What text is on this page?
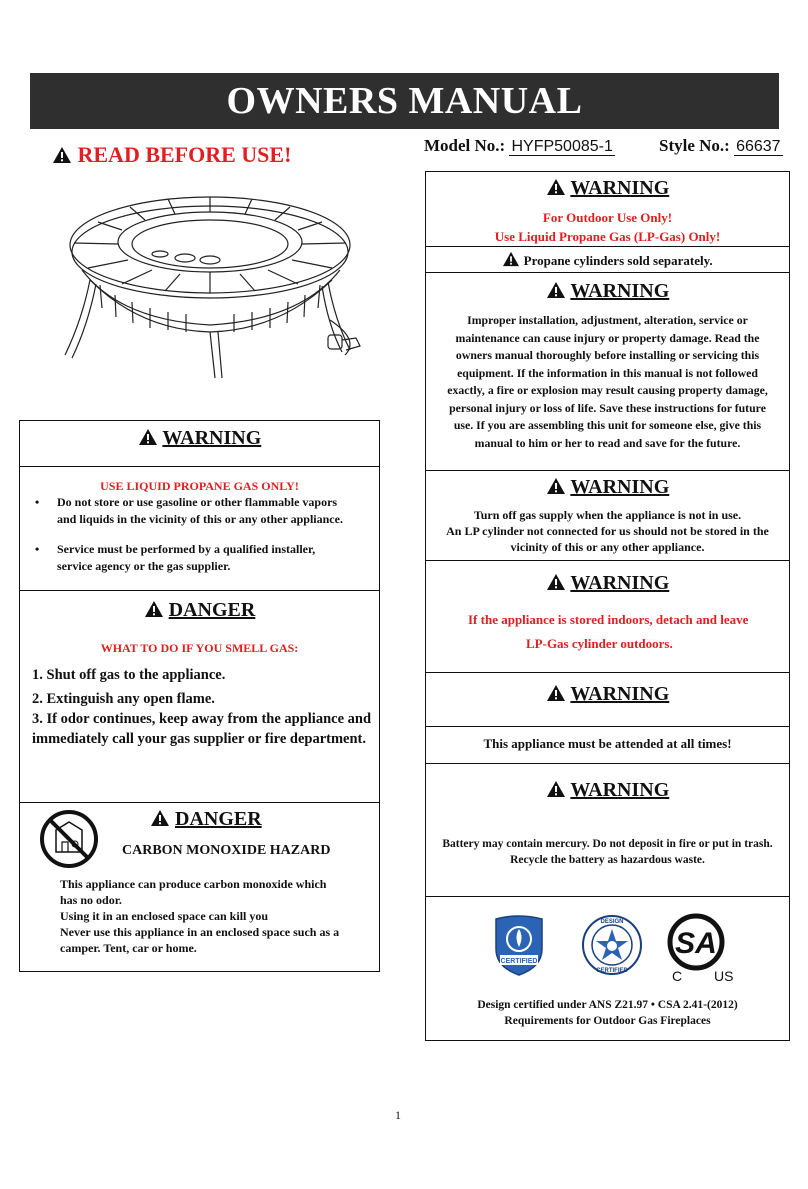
OWNERS MANUAL
READ BEFORE USE!	Model No.: HYFP50085-1	Style No.: 66637
WARNING
USE LIQUID PROPANE GAS ONLY!
• Do not store or use gasoline or other flammable vapors

and liquids in the vicinity of this or any other appliance.

• Service must be performed by a qualified installer,

service agency or the gas supplier.

DANGER
WHAT TO DO IF YOU SMELL GAS:

1. Shut off gas to the appliance.

2. Extinguish any open flame.

3. If odor continues, keep away from the appliance and

immediately call your gas supplier or fire department.

DANGER
CARBON MONOXIDE HAZARD

This appliance can produce carbon monoxide which

has no odor.

Using it in an enclosed space can kill you

Never use this appliance in an enclosed space such as a

camper. Tent, car or home.

WARNING

For Outdoor Use Only!

Use Liquid Propane Gas (LP-Gas) Only!

Propane cylinders sold separately.
WARNING

Improper installation, adjustment, alteration, service or

maintenance can cause injury or property damage. Read the

owners manual thoroughly before installing or servicing this

equipment. If the information in this manual is not followed

exactly, a fire or explosion may result causing property damage,

personal injury or loss of life. Save these instructions for future

use. If you are assembling this unit for someone else, give this

manual to him or her to read and save for the future.

WARNING

Turn off gas supply when the appliance is not in use.

An LP cylinder not connected for us should not be stored in the

vicinity of this or any other appliance.

WARNING
If the appliance is stored indoors, detach and leave
LP-Gas cylinder outdoors.
WARNING
This appliance must be attended at all times!
WARNING

Battery may contain mercury. Do not deposit in fire or put in trash.

Recycle the battery as hazardous waste.

CERTIFIED
DESIGN
CERTIFIED
SA
C US

Design certified under ANS Z21.97 • CSA 2.41-(2012)

Requirements for Outdoor Gas Fireplaces

1
